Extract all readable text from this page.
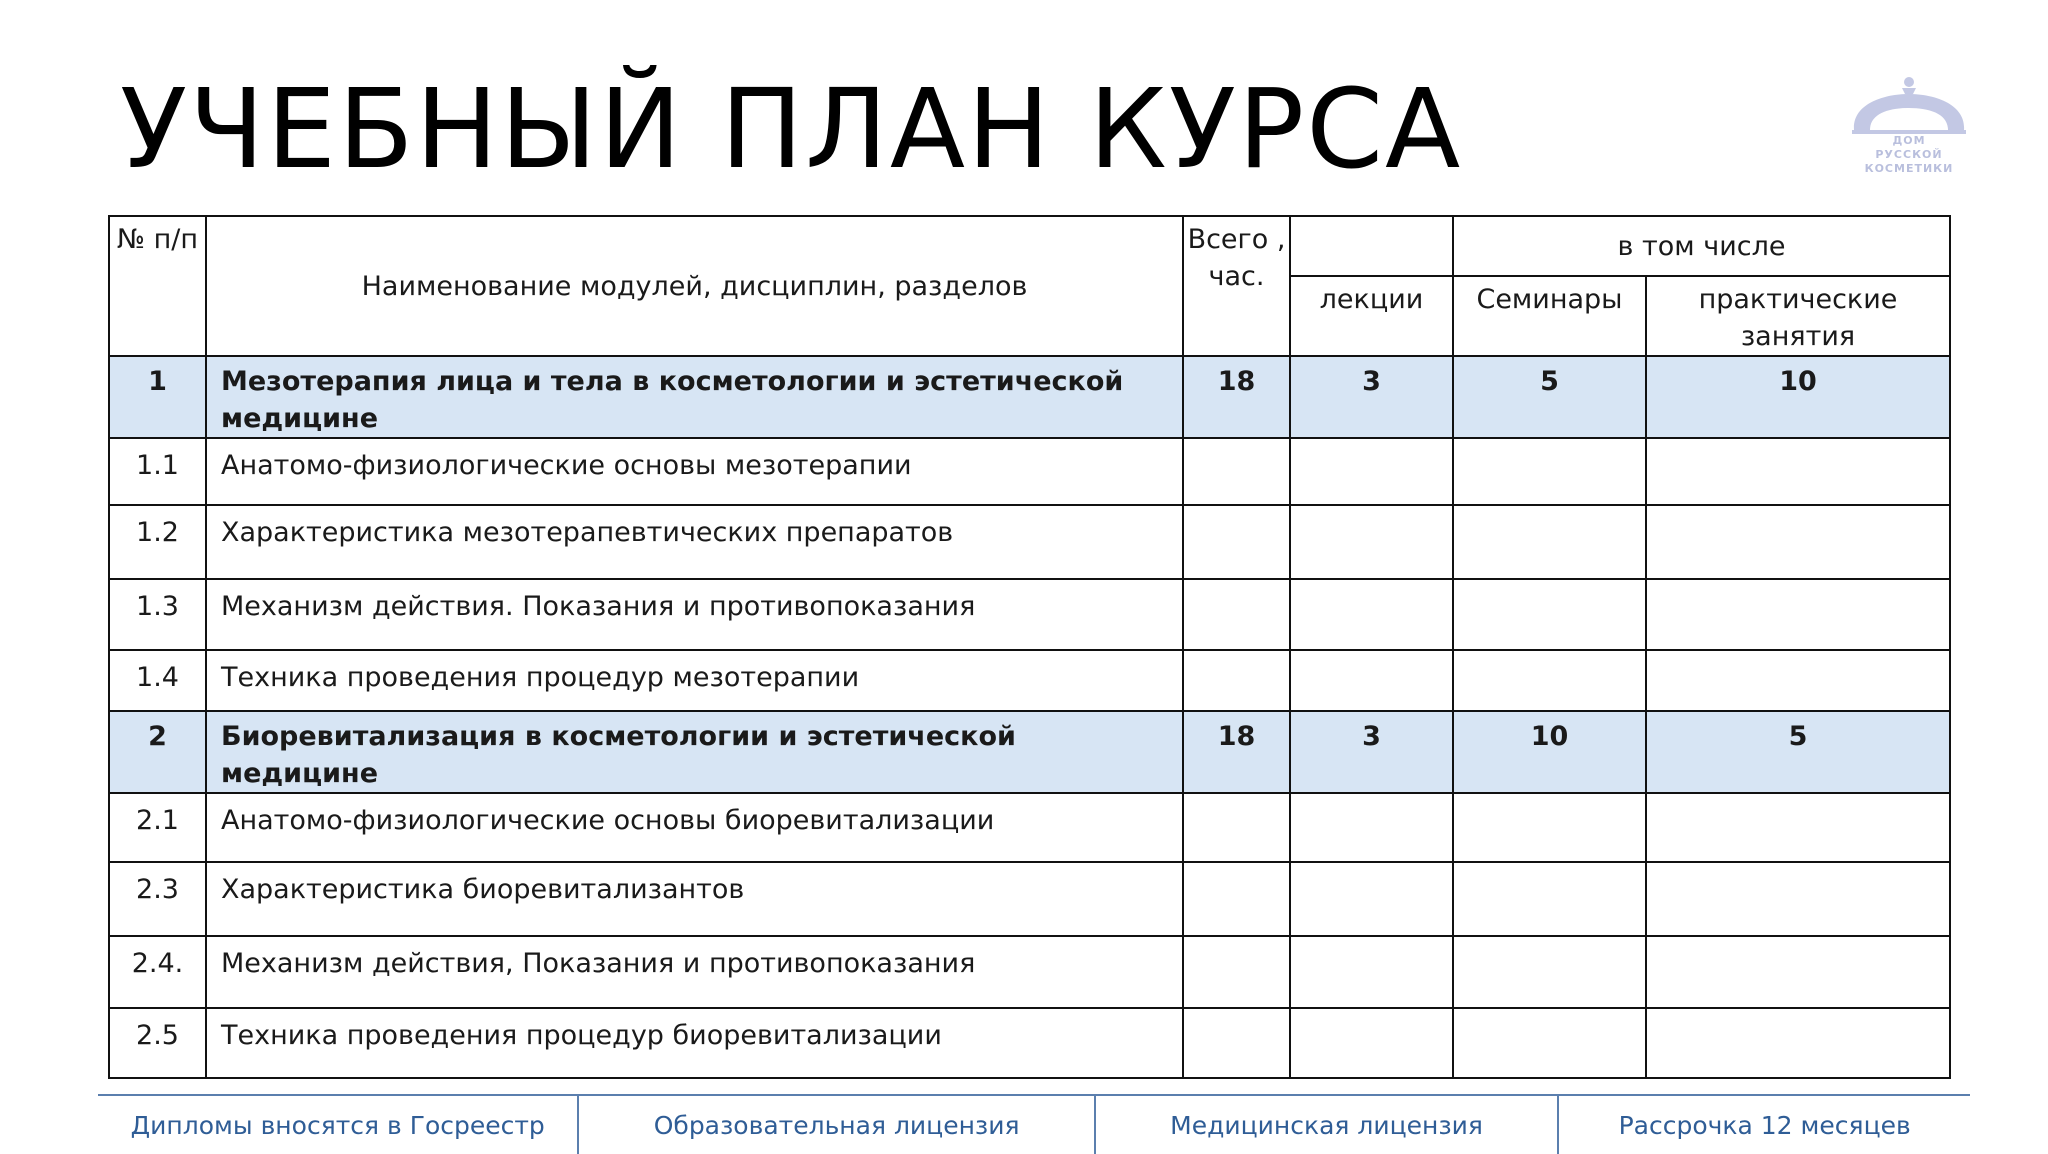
УЧЕБНЫЙ ПЛАН КУРСА	ДОМ
РУССКОЙ
КОСМЕТИКИ
№ п/п	Наименование модулей, дисциплин, разделов	Всего , час.		в том числе	
			лекции	Семинары	практические занятия
1	Мезотерапия лица и тела в косметологии и эстетической медицине	18	3	5	10
1.1	Анатомо-физиологические основы мезотерапии				
1.2	Характеристика мезотерапевтических препаратов				
1.3	Механизм действия. Показания и противопоказания				
1.4	Техника проведения процедур мезотерапии				
2	Биоревитализация в косметологии и эстетической медицине	18	3	10	5
2.1	Анатомо-физиологические основы биоревитализации				
2.3	Характеристика биоревитализантов				
2.4.	Механизм действия, Показания и противопоказания				
2.5	Техника проведения процедур биоревитализации				
Дипломы вносятся в Госреестр	Образовательная лицензия	Медицинская лицензия	Рассрочка 12 месяцев
